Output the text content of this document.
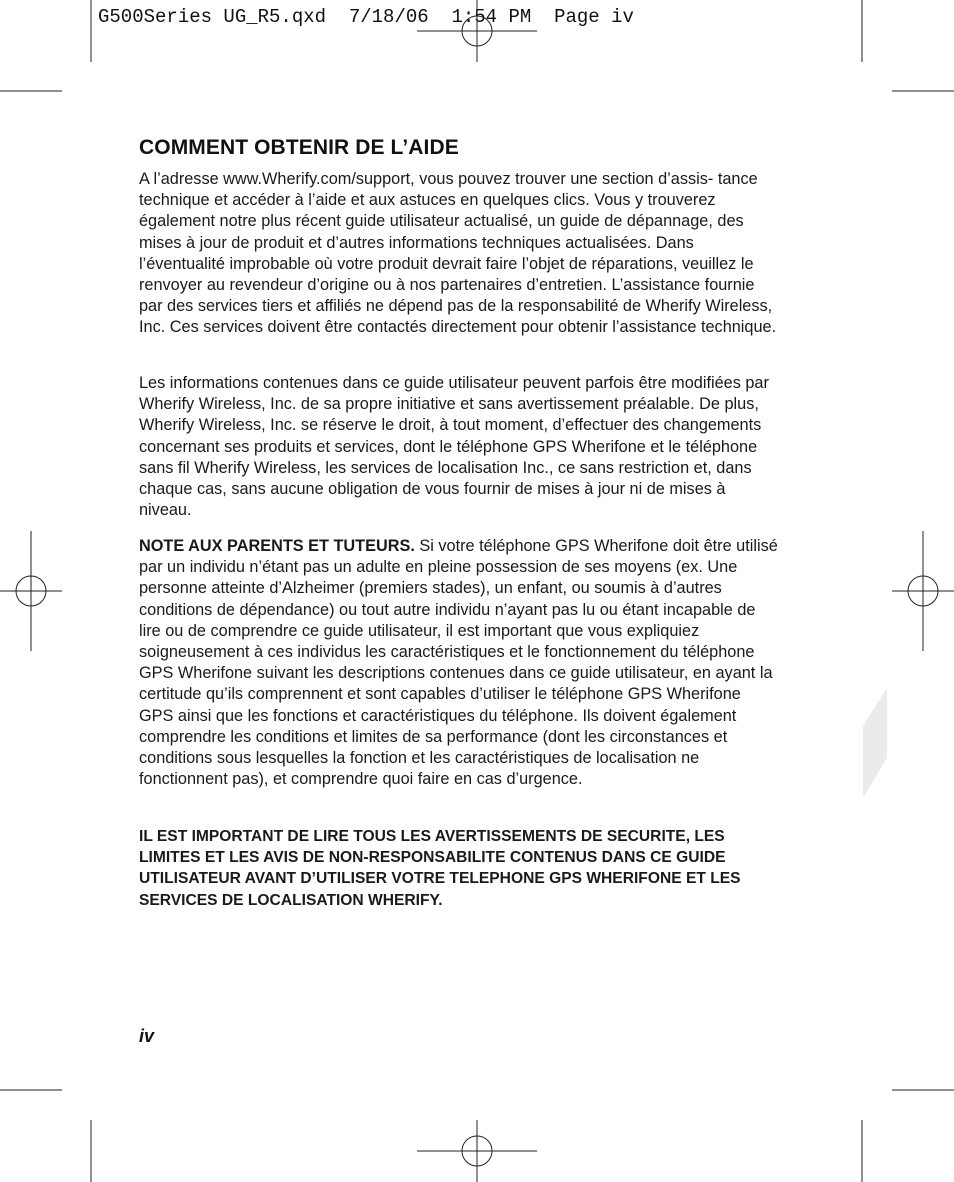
G500Series UG_R5.qxd  7/18/06  1:54 PM  Page iv
COMMENT OBTENIR DE L’AIDE

A l’adresse www.Wherify.com/support, vous pouvez trouver une section d’assis- tance technique et accéder à l’aide et aux astuces en quelques clics. Vous y trouverez également notre plus récent guide utilisateur actualisé, un guide de dépannage, des mises à jour de produit et d’autres informations techniques actualisées. Dans l’éventualité improbable où votre produit devrait faire l’objet de réparations, veuillez le renvoyer au revendeur d’origine ou à nos partenaires d’entretien. L’assistance fournie par des services tiers et affiliés ne dépend pas de la responsabilité de Wherify Wireless, Inc. Ces services doivent être contactés directement pour obtenir l’assistance technique.

Les informations contenues dans ce guide utilisateur peuvent parfois être modifiées par Wherify Wireless, Inc. de sa propre initiative et sans avertissement préalable. De plus, Wherify Wireless, Inc. se réserve le droit, à tout moment, d’effectuer des changements concernant ses produits et services, dont le téléphone GPS Wherifone et le téléphone sans fil Wherify Wireless, les services de localisation Inc., ce sans restriction et, dans chaque cas, sans aucune obligation de vous fournir de mises à jour ni de mises à niveau.

NOTE AUX PARENTS ET TUTEURS. Si votre téléphone GPS Wherifone doit être utilisé par un individu n’étant pas un adulte en pleine possession de ses moyens (ex. Une personne atteinte d’Alzheimer (premiers stades), un enfant, ou soumis à d’autres conditions de dépendance) ou tout autre individu n’ayant pas lu ou étant incapable de lire ou de comprendre ce guide utilisateur, il est important que vous expliquiez soigneusement à ces individus les caractéristiques et le fonctionnement du téléphone GPS Wherifone suivant les descriptions contenues dans ce guide utilisateur, en ayant la certitude qu’ils comprennent et sont capables d’utiliser le téléphone GPS Wherifone GPS ainsi que les fonctions et caractéristiques du téléphone. Ils doivent également comprendre les conditions et limites de sa performance (dont les circonstances et conditions sous lesquelles la fonction et les caractéristiques de localisation ne fonctionnent pas), et comprendre quoi faire en cas d’urgence.

IL EST IMPORTANT DE LIRE TOUS LES AVERTISSEMENTS DE SECURITE, LES LIMITES ET LES AVIS DE NON-RESPONSABILITE CONTENUS DANS CE GUIDE UTILISATEUR AVANT D’UTILISER VOTRE TELEPHONE GPS WHERIFONE ET LES SERVICES DE LOCALISATION WHERIFY.

iv
